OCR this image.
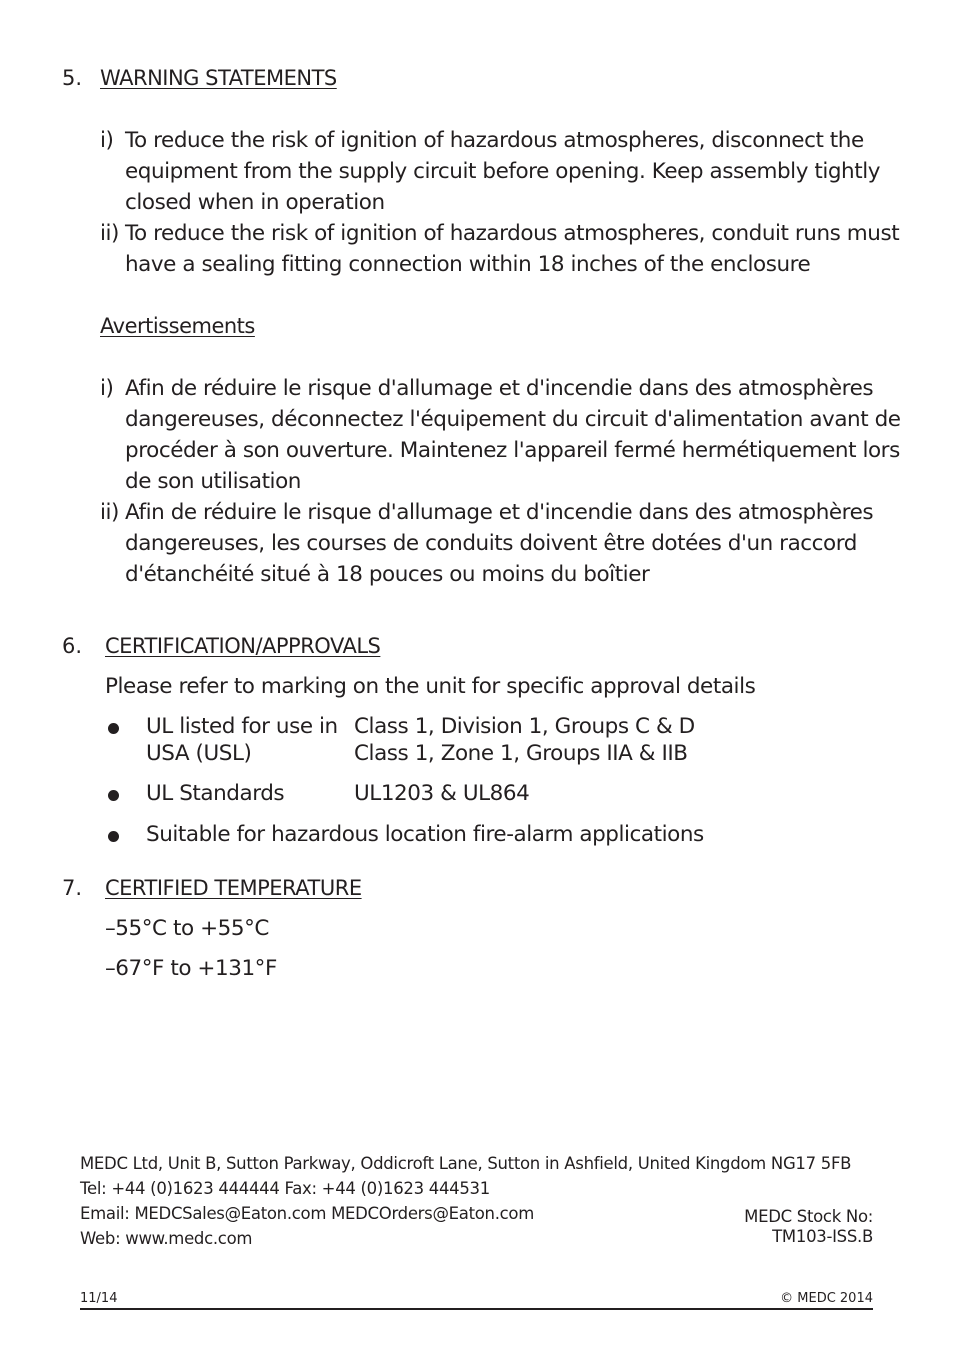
5. WARNING STATEMENTS
i) To reduce the risk of ignition of hazardous atmospheres, disconnect the
equipment from the supply circuit before opening. Keep assembly tightly
closed when in operation
ii) To reduce the risk of ignition of hazardous atmospheres, conduit runs must
have a sealing fitting connection within 18 inches of the enclosure
Avertissements
i) Afin de réduire le risque d'allumage et d'incendie dans des atmosphères
dangereuses, déconnectez l'équipement du circuit d'alimentation avant de
procéder à son ouverture. Maintenez l'appareil fermé hermétiquement lors
de son utilisation
ii) Afin de réduire le risque d'allumage et d'incendie dans des atmosphères
dangereuses, les courses de conduits doivent être dotées d'un raccord
d'étanchéité situé à 18 pouces ou moins du boîtier
6. CERTIFICATION/APPROVALS
Please refer to marking on the unit for specific approval details
UL listed for use in
USA (USL)
Class 1, Division 1, Groups C & D
Class 1, Zone 1, Groups IIA & IIB
UL Standards	UL1203 & UL864
Suitable for hazardous location fire-alarm applications
7. CERTIFIED TEMPERATURE
–55°C to +55°C
–67°F to +131°F
MEDC Ltd, Unit B, Sutton Parkway, Oddicroft Lane, Sutton in Ashfield, United Kingdom NG17 5FB
Tel: +44 (0)1623 444444 Fax: +44 (0)1623 444531
Email: MEDCSales@Eaton.com MEDCOrders@Eaton.com
Web: www.medc.com
MEDC Stock No:
TM103-ISS.B
11/14	© MEDC 2014
